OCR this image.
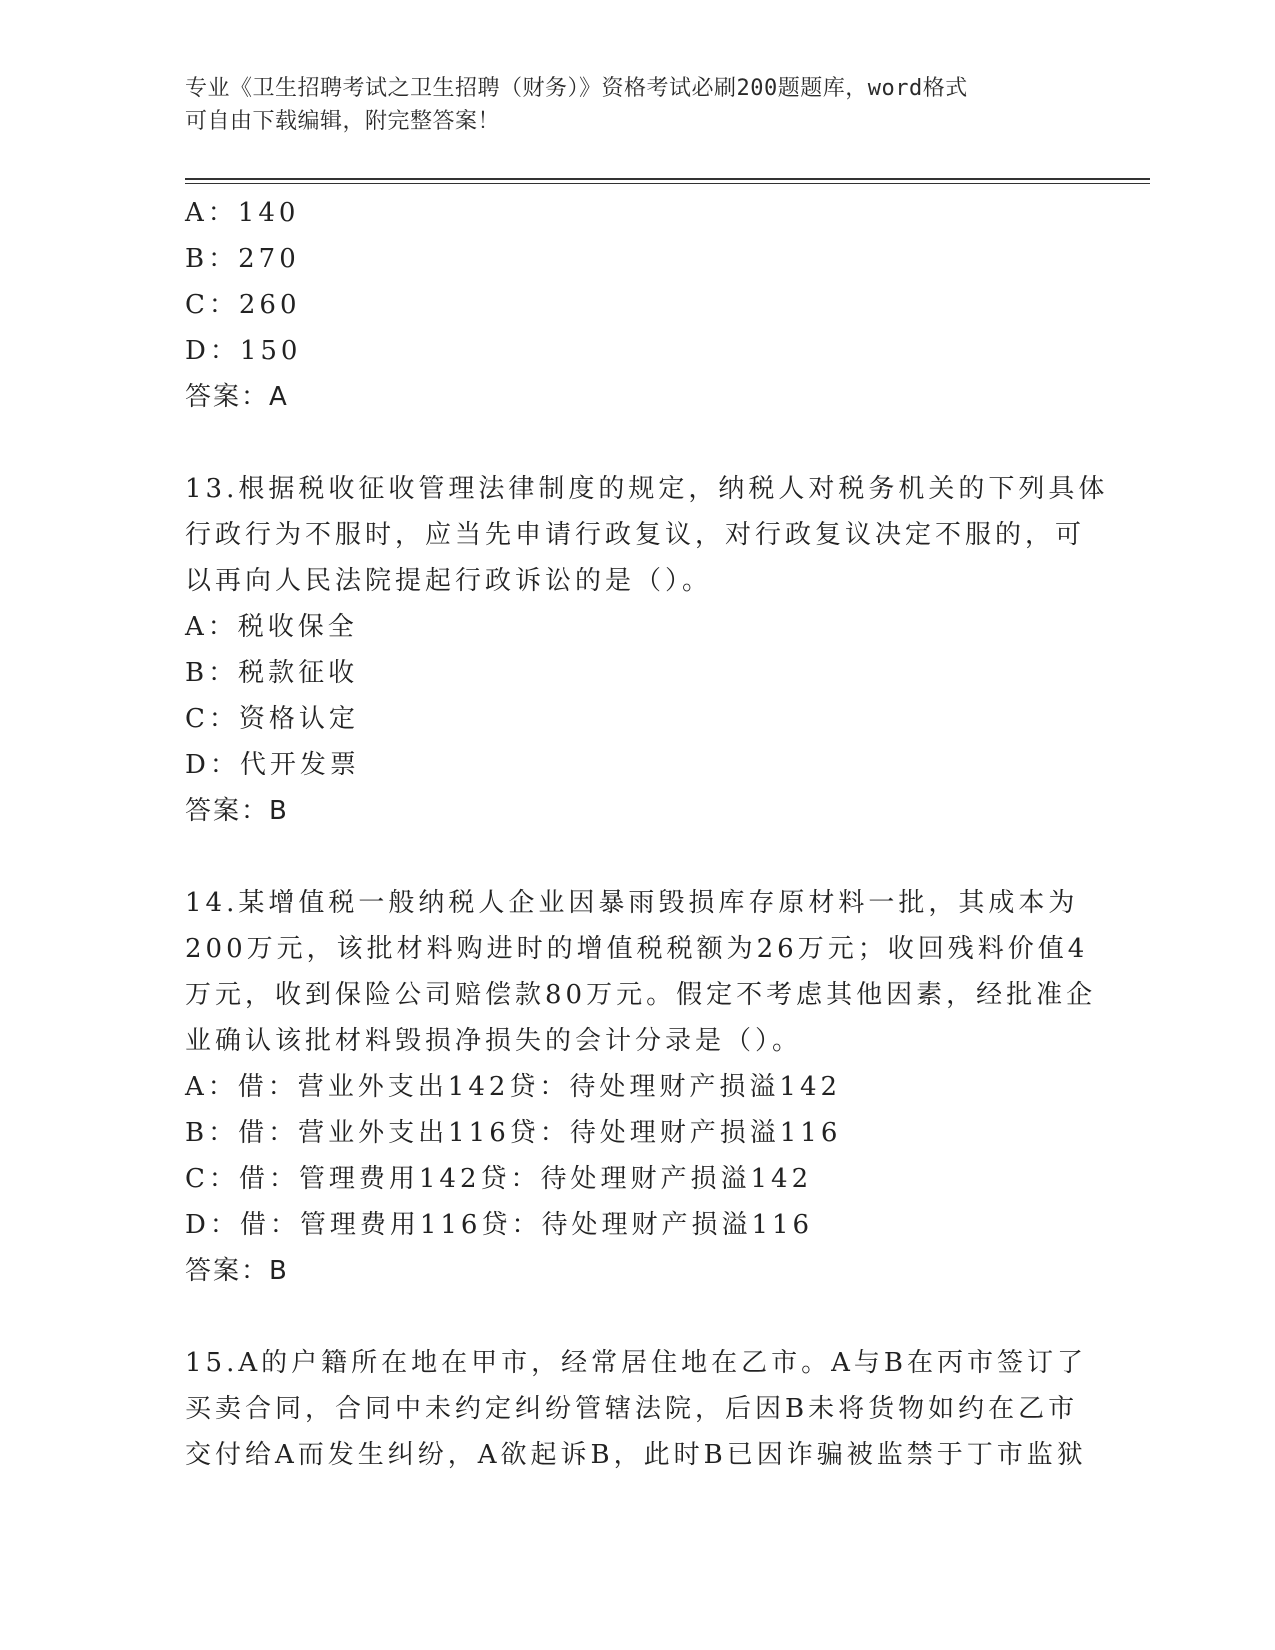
专业《卫生招聘考试之卫生招聘（财务）》资格考试必刷200题题库，word格式
可自由下载编辑，附完整答案！
A：140
B：270
C：260
D：150
答案：A
13.根据税收征收管理法律制度的规定，纳税人对税务机关的下列具体
行政行为不服时，应当先申请行政复议，对行政复议决定不服的，可
以再向人民法院提起行政诉讼的是（）。
A：税收保全
B：税款征收
C：资格认定
D：代开发票
答案：B
14.某增值税一般纳税人企业因暴雨毁损库存原材料一批，其成本为
200万元，该批材料购进时的增值税税额为26万元；收回残料价值4
万元，收到保险公司赔偿款80万元。假定不考虑其他因素，经批准企
业确认该批材料毁损净损失的会计分录是（）。
A：借：营业外支出142贷：待处理财产损溢142
B：借：营业外支出116贷：待处理财产损溢116
C：借：管理费用142贷：待处理财产损溢142
D：借：管理费用116贷：待处理财产损溢116
答案：B
15.A的户籍所在地在甲市，经常居住地在乙市。A与B在丙市签订了
买卖合同，合同中未约定纠纷管辖法院，后因B未将货物如约在乙市
交付给A而发生纠纷，A欲起诉B，此时B已因诈骗被监禁于丁市监狱
